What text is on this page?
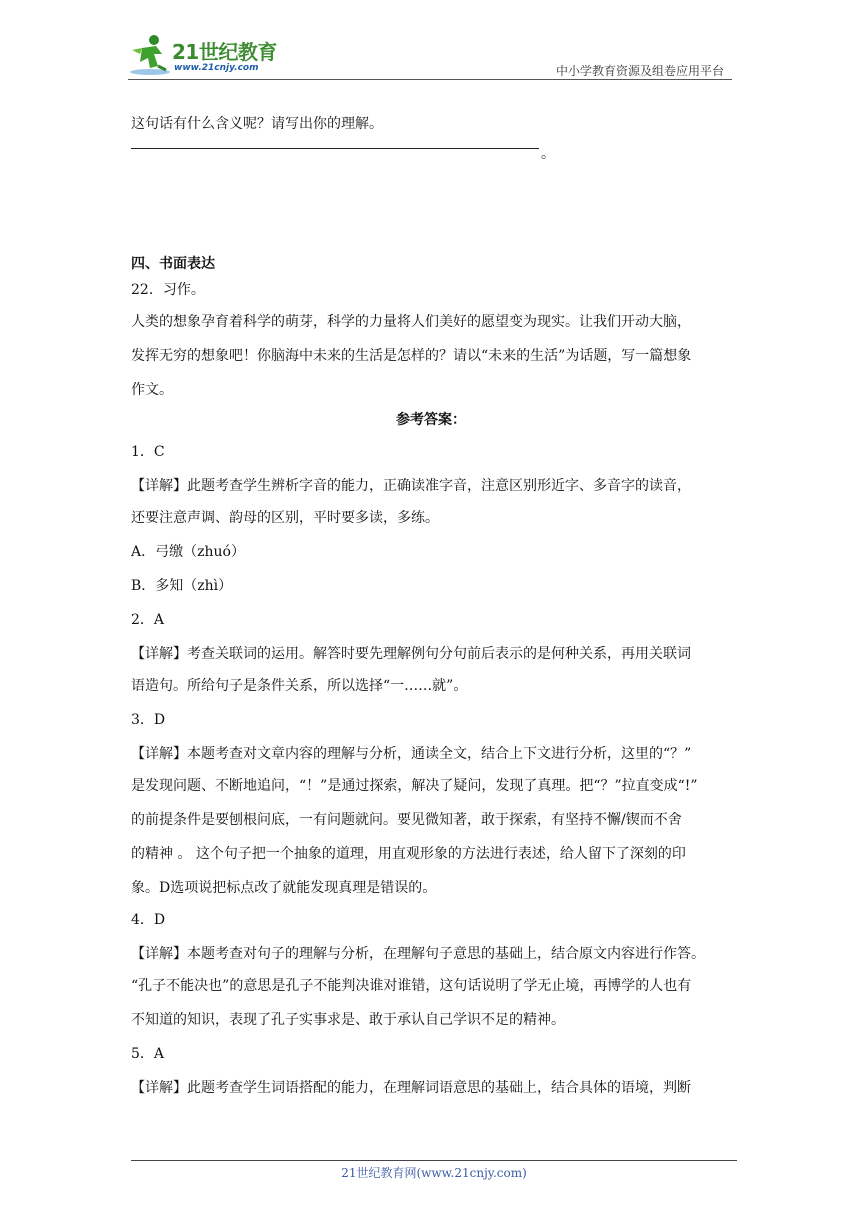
21世纪教育
www.21cnjy.com	中小学教育资源及组卷应用平台
这句话有什么含义呢？请写出你的理解。
。
四、书面表达
22．习作。
人类的想象孕育着科学的萌芽，科学的力量将人们美好的愿望变为现实。让我们开动大脑，
发挥无穷的想象吧！你脑海中未来的生活是怎样的？请以“未来的生活”为话题，写一篇想象
作文。
参考答案：
1．C
【详解】此题考查学生辨析字音的能力，正确读准字音，注意区别形近字、多音字的读音，
还要注意声调、韵母的区别，平时要多读，多练。
A．弓缴（zhuó）
B．多知（zhì）
2．A
【详解】考查关联词的运用。解答时要先理解例句分句前后表示的是何种关系，再用关联词
语造句。所给句子是条件关系，所以选择“一……就”。
3．D
【详解】本题考查对文章内容的理解与分析，通读全文，结合上下文进行分析，这里的“？”
是发现问题、不断地追问，“！”是通过探索，解决了疑问，发现了真理。把“？”拉直变成“!”
的前提条件是要刨根问底，一有问题就问。要见微知著，敢于探索，有坚持不懈/锲而不舍
的精神 。 这个句子把一个抽象的道理，用直观形象的方法进行表述，给人留下了深刻的印
象。D选项说把标点改了就能发现真理是错误的。
4．D
【详解】本题考查对句子的理解与分析，在理解句子意思的基础上，结合原文内容进行作答。
“孔子不能决也”的意思是孔子不能判决谁对谁错，这句话说明了学无止境，再博学的人也有
不知道的知识，表现了孔子实事求是、敢于承认自己学识不足的精神。
5．A
【详解】此题考查学生词语搭配的能力，在理解词语意思的基础上，结合具体的语境，判断
21世纪教育网(www.21cnjy.com)
